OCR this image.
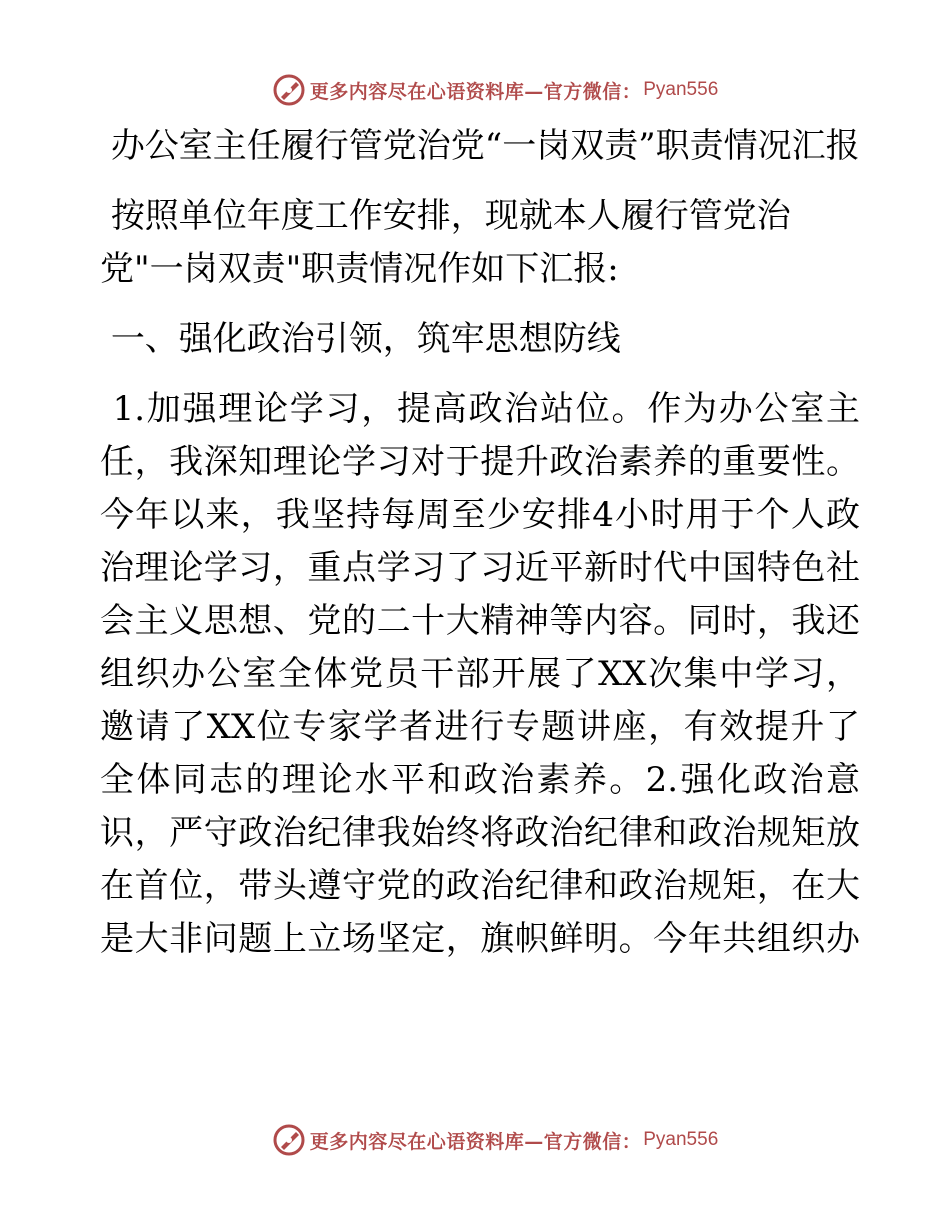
更多内容尽在心语资料库—官方微信： Pyan556

办公室主任履行管党治党“一岗双责”职责情况汇报

按照单位年度工作安排，现就本人履行管党治党"一岗双责"职责情况作如下汇报:

一、强化政治引领，筑牢思想防线

1.加强理论学习，提高政治站位。作为办公室主任，我深知理论学习对于提升政治素养的重要性。今年以来，我坚持每周至少安排4小时用于个人政治理论学习，重点学习了习近平新时代中国特色社会主义思想、党的二十大精神等内容。同时，我还组织办公室全体党员干部开展了XX次集中学习，邀请了XX位专家学者进行专题讲座，有效提升了全体同志的理论水平和政治素养。2.强化政治意识，严守政治纪律我始终将政治纪律和政治规矩放在首位，带头遵守党的政治纪律和政治规矩，在大是大非问题上立场坚定，旗帜鲜明。今年共组织办

更多内容尽在心语资料库—官方微信： Pyan556
